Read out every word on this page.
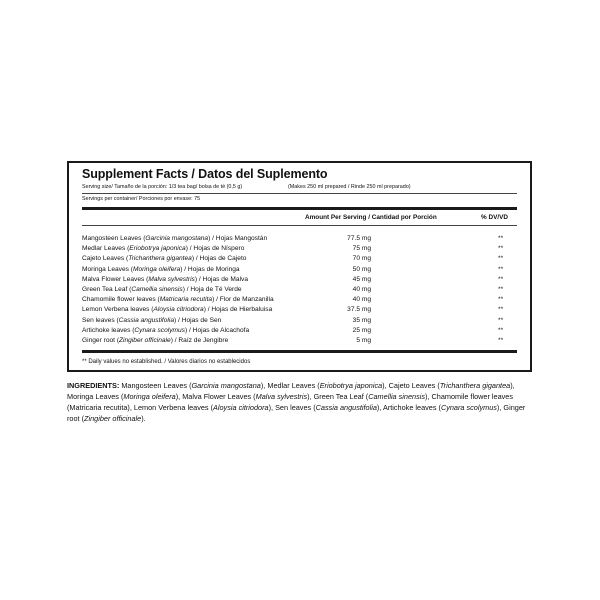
Supplement Facts / Datos del Suplemento
Serving size/ Tamaño de la porción: 1/3 tea bag/ bolsa de té (0,5 g)	(Makes 250 ml prepared / Rinde 250 ml preparado)
Servings per container/ Porciones por envase: 75
Amount Per Serving / Cantidad por Porción	% DV/VD
Mangosteen Leaves (Garcinia mangostana) / Hojas Mangostán	77.5 mg	**
Medlar Leaves (Eriobotrya japonica) / Hojas de Níspero	75 mg	**
Cajeto Leaves (Trichanthera gigantea) / Hojas de Cajeto	70 mg	**
Moringa Leaves (Moringa oleifera) / Hojas de Moringa	50 mg	**
Malva Flower Leaves (Malva sylvestris) / Hojas de Malva	45 mg	**
Green Tea Leaf (Camellia sinensis) / Hoja de Té Verde	40 mg	**
Chamomile flower leaves (Matricaria recutita) / Flor de Manzanilla	40 mg	**
Lemon Verbena leaves (Aloysia citriodora) / Hojas de Hierbaluisa	37.5 mg	**
Sen leaves (Cassia angustifolia) / Hojas de Sen	35 mg	**
Artichoke leaves (Cynara scolymus) / Hojas de Alcachofa	25 mg	**
Ginger root (Zingiber officinale) / Raíz de Jengibre	5 mg	**
** Daily values no established. / Valores diarios no establecidos
INGREDIENTS: Mangosteen Leaves (Garcinia mangostana), Medlar Leaves (Eriobotrya japonica), Cajeto Leaves (Trichanthera gigantea), Moringa Leaves (Moringa oleifera), Malva Flower Leaves (Malva sylvestris), Green Tea Leaf (Camellia sinensis), Chamomile flower leaves (Matricaria recutita), Lemon Verbena leaves (Aloysia citriodora), Sen leaves (Cassia angustifolia), Artichoke leaves (Cynara scolymus), Ginger root (Zingiber officinale).
